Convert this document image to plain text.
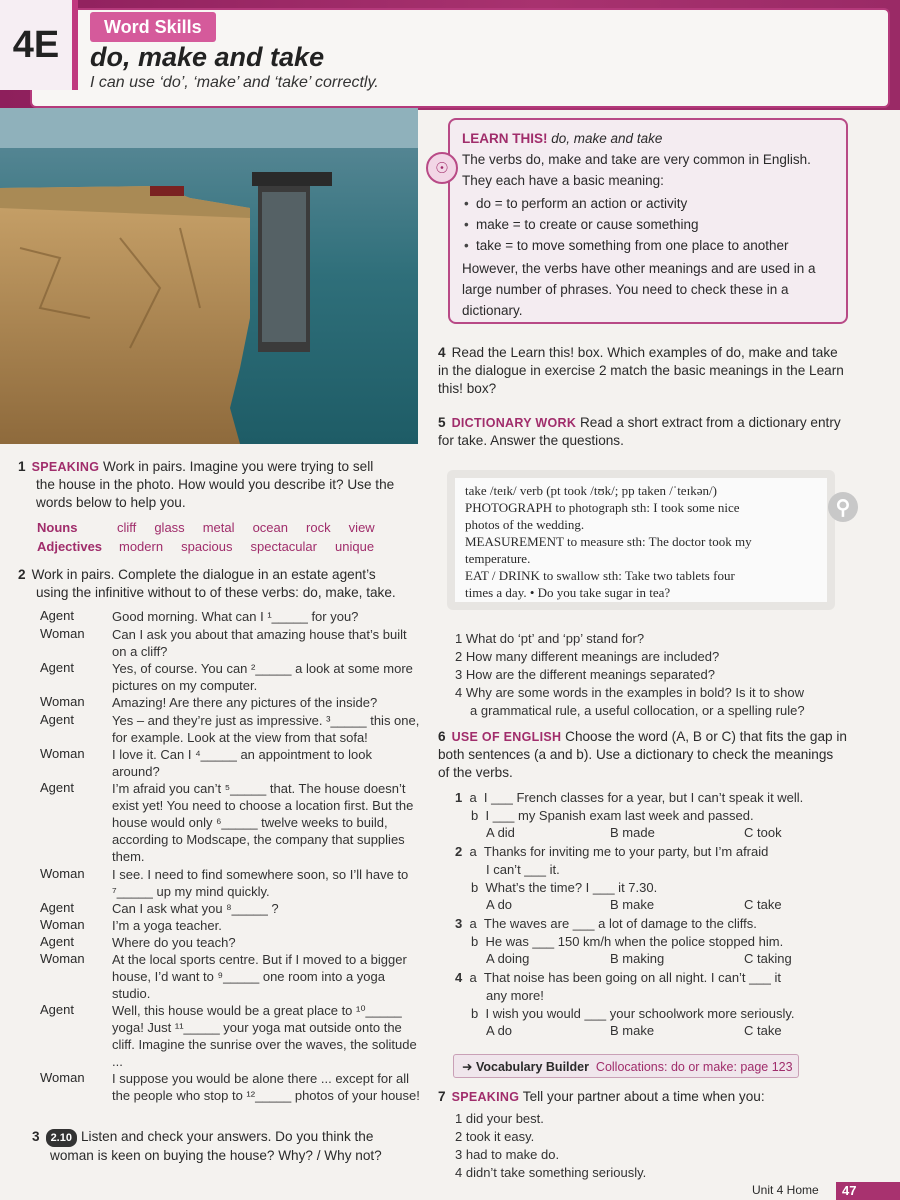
4E	Word Skills
do, make and take
I can use ‘do’, ‘make’ and ‘take’ correctly.
LEARN THIS! do, make and take
The verbs do, make and take are very common in English. They each have a basic meaning:
• do = to perform an action or activity
• make = to create or cause something
• take = to move something from one place to another
However, the verbs have other meanings and are used in a large number of phrases. You need to check these in a dictionary.
☉
4 Read the Learn this! box. Which examples of do, make and take in the dialogue in exercise 2 match the basic meanings in the Learn this! box?
5 DICTIONARY WORK Read a short extract from a dictionary entry for take. Answer the questions.
take /teɪk/ verb (pt took /tʊk/; pp taken /ˈteɪkən/)
PHOTOGRAPH to photograph sth: I took some nice
photos of the wedding.
MEASUREMENT to measure sth: The doctor took my
temperature.
EAT / DRINK to swallow sth: Take two tablets four
times a day. • Do you take sugar in tea?
⚲
1 What do ‘pt’ and ‘pp’ stand for?
2 How many different meanings are included?
3 How are the different meanings separated?
4 Why are some words in the examples in bold? Is it to show
a grammatical rule, a useful collocation, or a spelling rule?
6 USE OF ENGLISH Choose the word (A, B or C) that fits the gap in both sentences (a and b). Use a dictionary to check the meanings of the verbs.
1  a  I ___ French classes for a year, but I can’t speak it well.
b  I ___ my Spanish exam last week and passed.
A did	B made	C took
2  a  Thanks for inviting me to your party, but I’m afraid
I can’t ___ it.
b  What’s the time? I ___ it 7.30.
A do	B make	C take
3  a  The waves are ___ a lot of damage to the cliffs.
b  He was ___ 150 km/h when the police stopped him.
A doing	B making	C taking
4  a  That noise has been going on all night. I can’t ___ it
any more!
b  I wish you would ___ your schoolwork more seriously.
A do	B make	C take
➜ Vocabulary Builder Collocations: do or make: page 123
7 SPEAKING Tell your partner about a time when you:
1 did your best.
2 took it easy.
3 had to make do.
4 didn’t take something seriously.
1 SPEAKING Work in pairs. Imagine you were trying to sell
the house in the photo. How would you describe it? Use the
words below to help you.
Nouns	cliff     glass     metal     ocean     rock     view
Adjectives modern     spacious     spectacular     unique
2 Work in pairs. Complete the dialogue in an estate agent’s
using the infinitive without to of these verbs: do, make, take.
Agent	Good morning. What can I ¹_____ for you?
Woman	Can I ask you about that amazing house that’s built on a cliff?
Agent	Yes, of course. You can ²_____ a look at some more pictures on my computer.
Woman	Amazing! Are there any pictures of the inside?
Agent	Yes – and they’re just as impressive. ³_____ this one, for example. Look at the view from that sofa!
Woman	I love it. Can I ⁴_____ an appointment to look around?
Agent	I’m afraid you can’t ⁵_____ that. The house doesn’t exist yet! You need to choose a location first. But the house would only ⁶_____ twelve weeks to build, according to Modscape, the company that supplies them.
Woman	I see. I need to find somewhere soon, so I’ll have to ⁷_____ up my mind quickly.
Agent	Can I ask what you ⁸_____ ?
Woman	I’m a yoga teacher.
Agent	Where do you teach?
Woman	At the local sports centre. But if I moved to a bigger house, I’d want to ⁹_____ one room into a yoga studio.
Agent	Well, this house would be a great place to ¹⁰_____ yoga! Just ¹¹_____ your yoga mat outside onto the cliff. Imagine the sunrise over the waves, the solitude ...
Woman	I suppose you would be alone there ... except for all the people who stop to ¹²_____ photos of your house!
3 2.10 Listen and check your answers. Do you think the
woman is keen on buying the house? Why? / Why not?
Unit 4 Home	47
